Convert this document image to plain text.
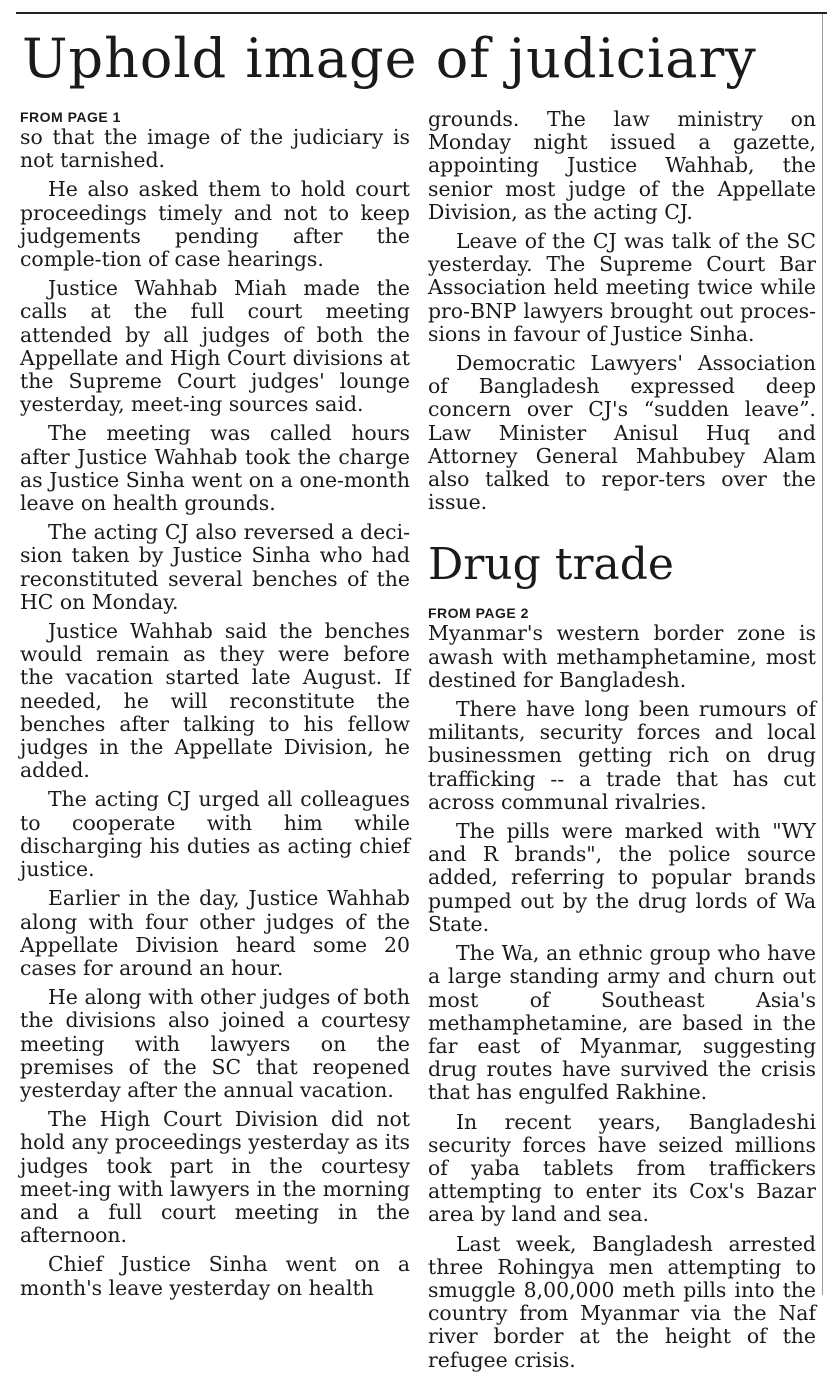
Uphold image of judiciary
FROM PAGE 1

so that the image of the judiciary is not tarnished.

He also asked them to hold court proceedings timely and not to keep judgements pending after the comple-tion of case hearings.

Justice Wahhab Miah made the calls at the full court meeting attended by all judges of both the Appellate and High Court divisions at the Supreme Court judges' lounge yesterday, meet-ing sources said.

The meeting was called hours after Justice Wahhab took the charge as Justice Sinha went on a one-month leave on health grounds.

The acting CJ also reversed a deci-sion taken by Justice Sinha who had reconstituted several benches of the HC on Monday.

Justice Wahhab said the benches would remain as they were before the vacation started late August. If needed, he will reconstitute the benches after talking to his fellow judges in the Appellate Division, he added.

The acting CJ urged all colleagues to cooperate with him while discharging his duties as acting chief justice.

Earlier in the day, Justice Wahhab along with four other judges of the Appellate Division heard some 20 cases for around an hour.

He along with other judges of both the divisions also joined a courtesy meeting with lawyers on the premises of the SC that reopened yesterday after the annual vacation.

The High Court Division did not hold any proceedings yesterday as its judges took part in the courtesy meet-ing with lawyers in the morning and a full court meeting in the afternoon.

Chief Justice Sinha went on a month's leave yesterday on health

grounds. The law ministry on Monday night issued a gazette, appointing Justice Wahhab, the senior most judge of the Appellate Division, as the acting CJ.

Leave of the CJ was talk of the SC yesterday. The Supreme Court Bar Association held meeting twice while pro-BNP lawyers brought out proces-sions in favour of Justice Sinha.

Democratic Lawyers' Association of Bangladesh expressed deep concern over CJ's “sudden leave”. Law Minister Anisul Huq and Attorney General Mahbubey Alam also talked to repor-ters over the issue.

Drug trade
FROM PAGE 2

Myanmar's western border zone is awash with methamphetamine, most destined for Bangladesh.

There have long been rumours of militants, security forces and local businessmen getting rich on drug trafficking -- a trade that has cut across communal rivalries.

The pills were marked with "WY and R brands", the police source added, referring to popular brands pumped out by the drug lords of Wa State.

The Wa, an ethnic group who have a large standing army and churn out most of Southeast Asia's methamphetamine, are based in the far east of Myanmar, suggesting drug routes have survived the crisis that has engulfed Rakhine.

In recent years, Bangladeshi security forces have seized millions of yaba tablets from traffickers attempting to enter its Cox's Bazar area by land and sea.

Last week, Bangladesh arrested three Rohingya men attempting to smuggle 8,00,000 meth pills into the country from Myanmar via the Naf river border at the height of the refugee crisis.
